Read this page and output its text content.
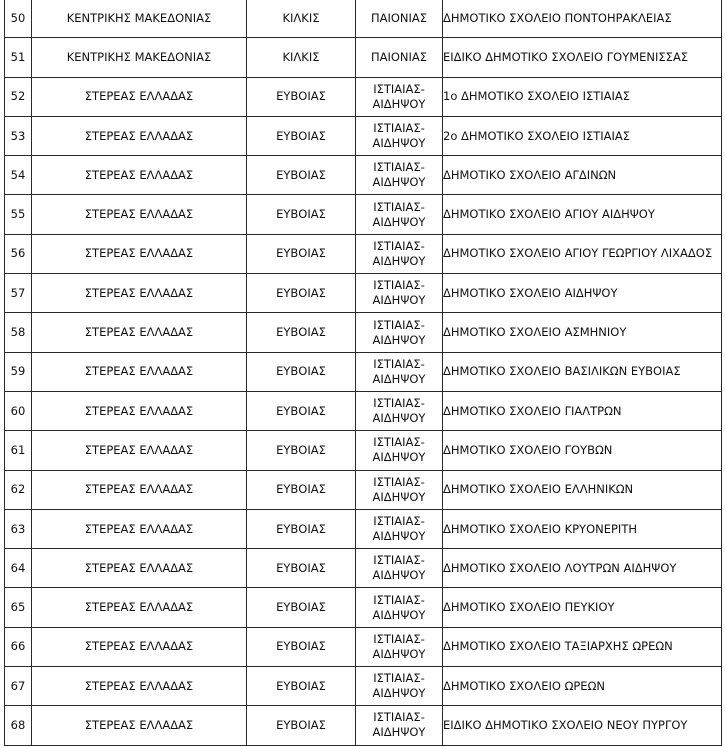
50	ΚΕΝΤΡΙΚΗΣ ΜΑΚΕΔΟΝΙΑΣ	ΚΙΛΚΙΣ	ΠΑΙΟΝΙΑΣ	ΔΗΜΟΤΙΚΟ ΣΧΟΛΕΙΟ ΠΟΝΤΟΗΡΑΚΛΕΙΑΣ
51	ΚΕΝΤΡΙΚΗΣ ΜΑΚΕΔΟΝΙΑΣ	ΚΙΛΚΙΣ	ΠΑΙΟΝΙΑΣ	ΕΙΔΙΚΟ ΔΗΜΟΤΙΚΟ ΣΧΟΛΕΙΟ ΓΟΥΜΕΝΙΣΣΑΣ
52	ΣΤΕΡΕΑΣ ΕΛΛΑΔΑΣ	ΕΥΒΟΙΑΣ	ΙΣΤΙΑΙΑΣ-ΑΙΔΗΨΟΥ	1ο ΔΗΜΟΤΙΚΟ ΣΧΟΛΕΙΟ ΙΣΤΙΑΙΑΣ
53	ΣΤΕΡΕΑΣ ΕΛΛΑΔΑΣ	ΕΥΒΟΙΑΣ	ΙΣΤΙΑΙΑΣ-ΑΙΔΗΨΟΥ	2ο ΔΗΜΟΤΙΚΟ ΣΧΟΛΕΙΟ ΙΣΤΙΑΙΑΣ
54	ΣΤΕΡΕΑΣ ΕΛΛΑΔΑΣ	ΕΥΒΟΙΑΣ	ΙΣΤΙΑΙΑΣ-ΑΙΔΗΨΟΥ	ΔΗΜΟΤΙΚΟ ΣΧΟΛΕΙΟ ΑΓΔΙΝΩΝ
55	ΣΤΕΡΕΑΣ ΕΛΛΑΔΑΣ	ΕΥΒΟΙΑΣ	ΙΣΤΙΑΙΑΣ-ΑΙΔΗΨΟΥ	ΔΗΜΟΤΙΚΟ ΣΧΟΛΕΙΟ ΑΓΙΟΥ ΑΙΔΗΨΟΥ
56	ΣΤΕΡΕΑΣ ΕΛΛΑΔΑΣ	ΕΥΒΟΙΑΣ	ΙΣΤΙΑΙΑΣ-ΑΙΔΗΨΟΥ	ΔΗΜΟΤΙΚΟ ΣΧΟΛΕΙΟ ΑΓΙΟΥ ΓΕΩΡΓΙΟΥ ΛΙΧΑΔΟΣ
57	ΣΤΕΡΕΑΣ ΕΛΛΑΔΑΣ	ΕΥΒΟΙΑΣ	ΙΣΤΙΑΙΑΣ-ΑΙΔΗΨΟΥ	ΔΗΜΟΤΙΚΟ ΣΧΟΛΕΙΟ ΑΙΔΗΨΟΥ
58	ΣΤΕΡΕΑΣ ΕΛΛΑΔΑΣ	ΕΥΒΟΙΑΣ	ΙΣΤΙΑΙΑΣ-ΑΙΔΗΨΟΥ	ΔΗΜΟΤΙΚΟ ΣΧΟΛΕΙΟ ΑΣΜΗΝΙΟΥ
59	ΣΤΕΡΕΑΣ ΕΛΛΑΔΑΣ	ΕΥΒΟΙΑΣ	ΙΣΤΙΑΙΑΣ-ΑΙΔΗΨΟΥ	ΔΗΜΟΤΙΚΟ ΣΧΟΛΕΙΟ ΒΑΣΙΛΙΚΩΝ ΕΥΒΟΙΑΣ
60	ΣΤΕΡΕΑΣ ΕΛΛΑΔΑΣ	ΕΥΒΟΙΑΣ	ΙΣΤΙΑΙΑΣ-ΑΙΔΗΨΟΥ	ΔΗΜΟΤΙΚΟ ΣΧΟΛΕΙΟ ΓΙΑΛΤΡΩΝ
61	ΣΤΕΡΕΑΣ ΕΛΛΑΔΑΣ	ΕΥΒΟΙΑΣ	ΙΣΤΙΑΙΑΣ-ΑΙΔΗΨΟΥ	ΔΗΜΟΤΙΚΟ ΣΧΟΛΕΙΟ ΓΟΥΒΩΝ
62	ΣΤΕΡΕΑΣ ΕΛΛΑΔΑΣ	ΕΥΒΟΙΑΣ	ΙΣΤΙΑΙΑΣ-ΑΙΔΗΨΟΥ	ΔΗΜΟΤΙΚΟ ΣΧΟΛΕΙΟ ΕΛΛΗΝΙΚΩΝ
63	ΣΤΕΡΕΑΣ ΕΛΛΑΔΑΣ	ΕΥΒΟΙΑΣ	ΙΣΤΙΑΙΑΣ-ΑΙΔΗΨΟΥ	ΔΗΜΟΤΙΚΟ ΣΧΟΛΕΙΟ ΚΡΥΟΝΕΡΙΤΗ
64	ΣΤΕΡΕΑΣ ΕΛΛΑΔΑΣ	ΕΥΒΟΙΑΣ	ΙΣΤΙΑΙΑΣ-ΑΙΔΗΨΟΥ	ΔΗΜΟΤΙΚΟ ΣΧΟΛΕΙΟ ΛΟΥΤΡΩΝ ΑΙΔΗΨΟΥ
65	ΣΤΕΡΕΑΣ ΕΛΛΑΔΑΣ	ΕΥΒΟΙΑΣ	ΙΣΤΙΑΙΑΣ-ΑΙΔΗΨΟΥ	ΔΗΜΟΤΙΚΟ ΣΧΟΛΕΙΟ ΠΕΥΚΙΟΥ
66	ΣΤΕΡΕΑΣ ΕΛΛΑΔΑΣ	ΕΥΒΟΙΑΣ	ΙΣΤΙΑΙΑΣ-ΑΙΔΗΨΟΥ	ΔΗΜΟΤΙΚΟ ΣΧΟΛΕΙΟ ΤΑΞΙΑΡΧΗΣ ΩΡΕΩΝ
67	ΣΤΕΡΕΑΣ ΕΛΛΑΔΑΣ	ΕΥΒΟΙΑΣ	ΙΣΤΙΑΙΑΣ-ΑΙΔΗΨΟΥ	ΔΗΜΟΤΙΚΟ ΣΧΟΛΕΙΟ ΩΡΕΩΝ
68	ΣΤΕΡΕΑΣ ΕΛΛΑΔΑΣ	ΕΥΒΟΙΑΣ	ΙΣΤΙΑΙΑΣ-ΑΙΔΗΨΟΥ	ΕΙΔΙΚΟ ΔΗΜΟΤΙΚΟ ΣΧΟΛΕΙΟ ΝΕΟΥ ΠΥΡΓΟΥ
